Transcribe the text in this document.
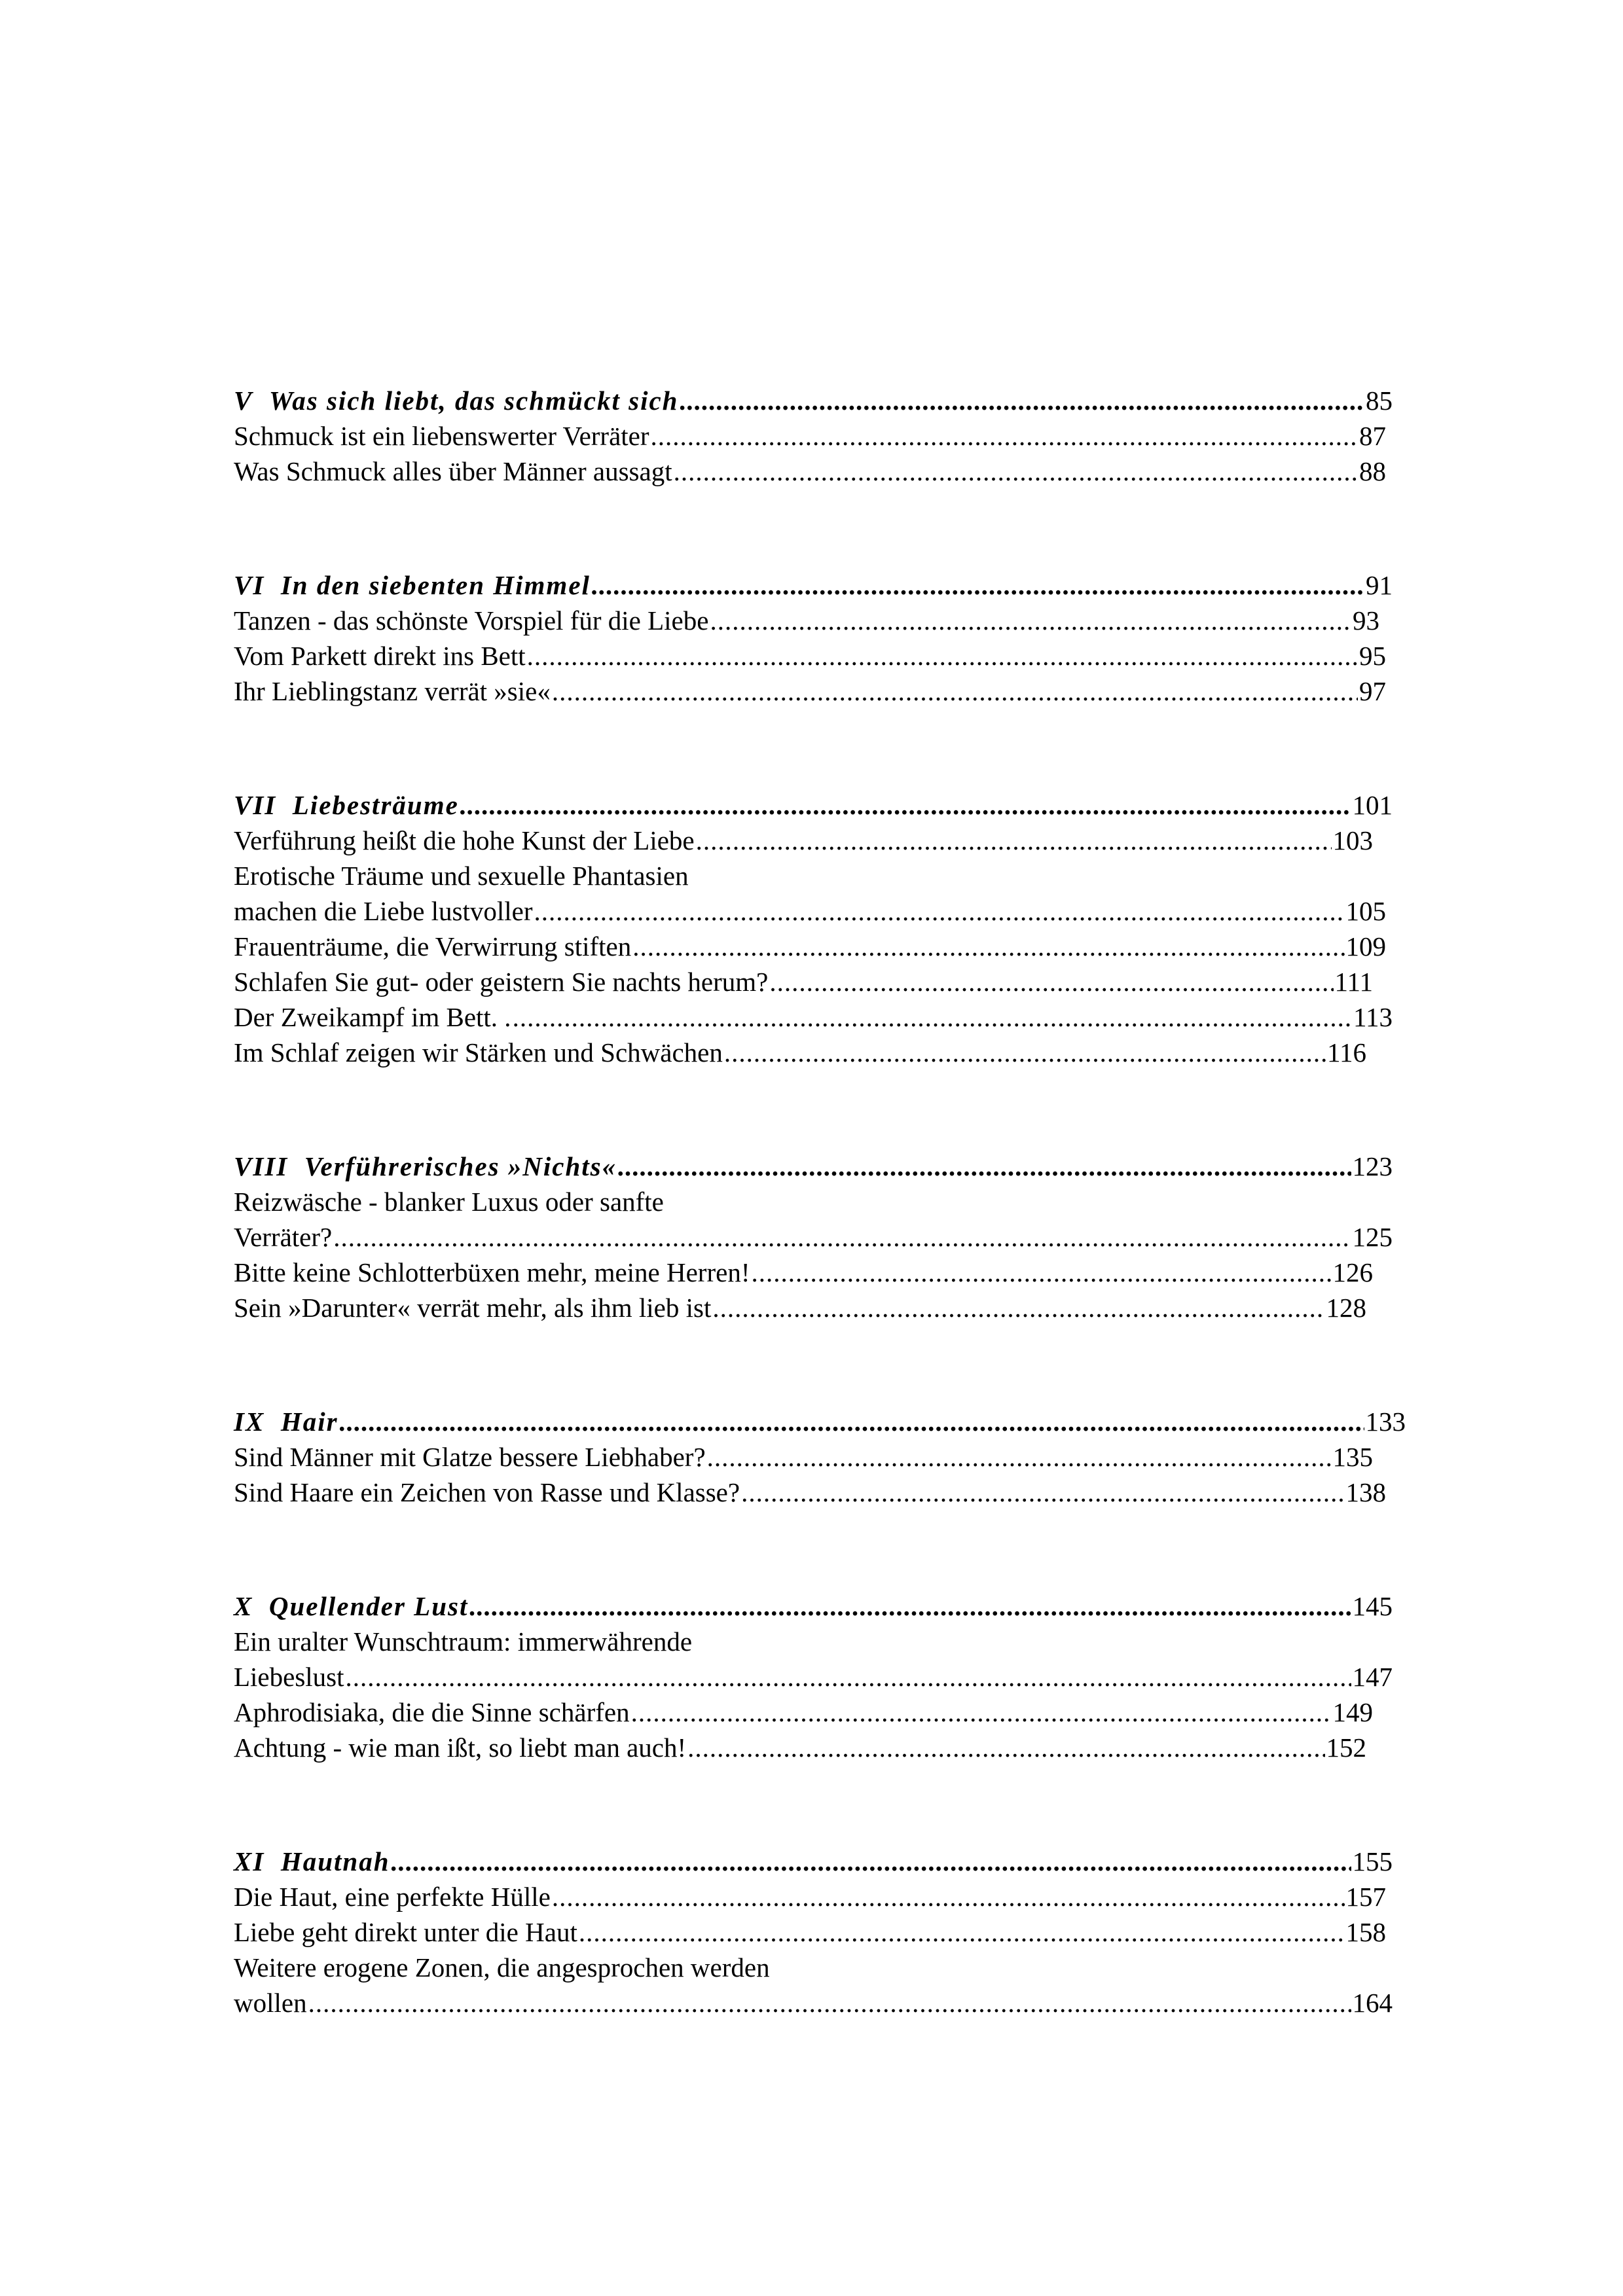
V Was sich liebt, das schmückt sich .....	85
Schmuck ist ein liebenswerter Verräter .....	87
Was Schmuck alles über Männer aussagt .....	88
VI In den siebenten Himmel .....	91
Tanzen - das schönste Vorspiel für die Liebe .....	93
Vom Parkett direkt ins Bett .....	95
Ihr Lieblingstanz verrät »sie« .....	97
VII Liebesträume .....	101
Verführung heißt die hohe Kunst der Liebe .....	103
Erotische Träume und sexuelle Phantasien
machen die Liebe lustvoller .....	105
Frauenträume, die Verwirrung stiften .....	109
Schlafen Sie gut- oder geistern Sie nachts herum? .....	111
Der Zweikampf im Bett. . .....	113
Im Schlaf zeigen wir Stärken und Schwächen .....	116
VIII Verführerisches »Nichts« .....	123
Reizwäsche - blanker Luxus oder sanfte
Verräter? .....	125
Bitte keine Schlotterbüxen mehr, meine Herren! .....	126
Sein »Darunter« verrät mehr, als ihm lieb ist .....	128
IX Hair .....	133
Sind Männer mit Glatze bessere Liebhaber? .....	135
Sind Haare ein Zeichen von Rasse und Klasse? .....	138
X Quellender Lust .....	145
Ein uralter Wunschtraum: immerwährende
Liebeslust .....	147
Aphrodisiaka, die die Sinne schärfen .....	149
Achtung - wie man ißt, so liebt man auch! .....	152
XI Hautnah .....	155
Die Haut, eine perfekte Hülle .....	157
Liebe geht direkt unter die Haut .....	158
Weitere erogene Zonen, die angesprochen werden
wollen .....	164
